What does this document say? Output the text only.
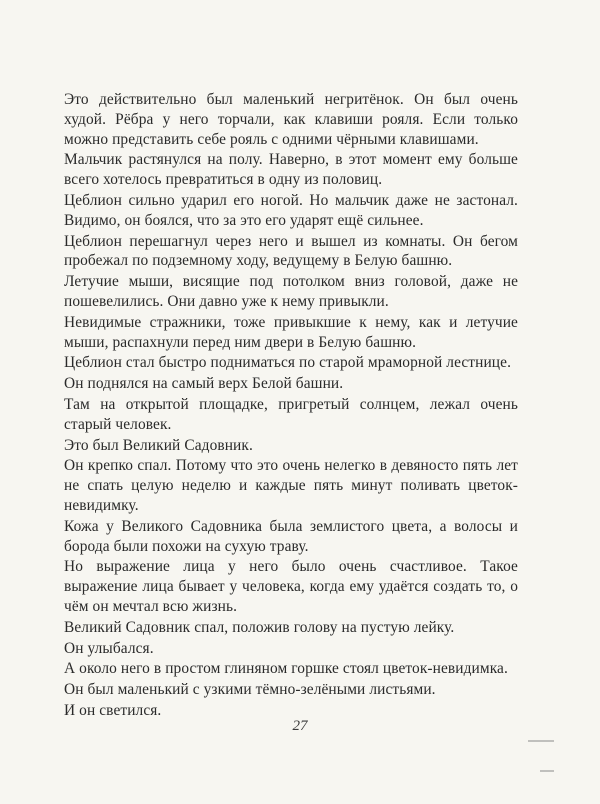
Это действительно был маленький негритёнок. Он был очень худой. Рёбра у него торчали, как клавиши рояля. Если только можно представить себе рояль с одними чёрными клавишами.

Мальчик растянулся на полу. Наверно, в этот момент ему больше всего хотелось превратиться в одну из половиц.

Цеблион сильно ударил его ногой. Но мальчик даже не застонал. Видимо, он боялся, что за это его ударят ещё сильнее.

Цеблион перешагнул через него и вышел из комнаты. Он бегом пробежал по подземному ходу, ведущему в Белую башню.

Летучие мыши, висящие под потолком вниз головой, даже не пошевелились. Они давно уже к нему привыкли.

Невидимые стражники, тоже привыкшие к нему, как и летучие мыши, распахнули перед ним двери в Белую башню.

Цеблион стал быстро подниматься по старой мраморной лестнице.

Он поднялся на самый верх Белой башни.

Там на открытой площадке, пригретый солнцем, лежал очень старый человек.

Это был Великий Садовник.

Он крепко спал. Потому что это очень нелегко в девяносто пять лет не спать целую неделю и каждые пять минут поливать цветок-невидимку.

Кожа у Великого Садовника была землистого цвета, а волосы и борода были похожи на сухую траву.

Но выражение лица у него было очень счастливое. Такое выражение лица бывает у человека, когда ему удаётся создать то, о чём он мечтал всю жизнь.

Великий Садовник спал, положив голову на пустую лейку.

Он улыбался.

А около него в простом глиняном горшке стоял цветок-невидимка.

Он был маленький с узкими тёмно-зелёными листьями.

И он светился.

27
